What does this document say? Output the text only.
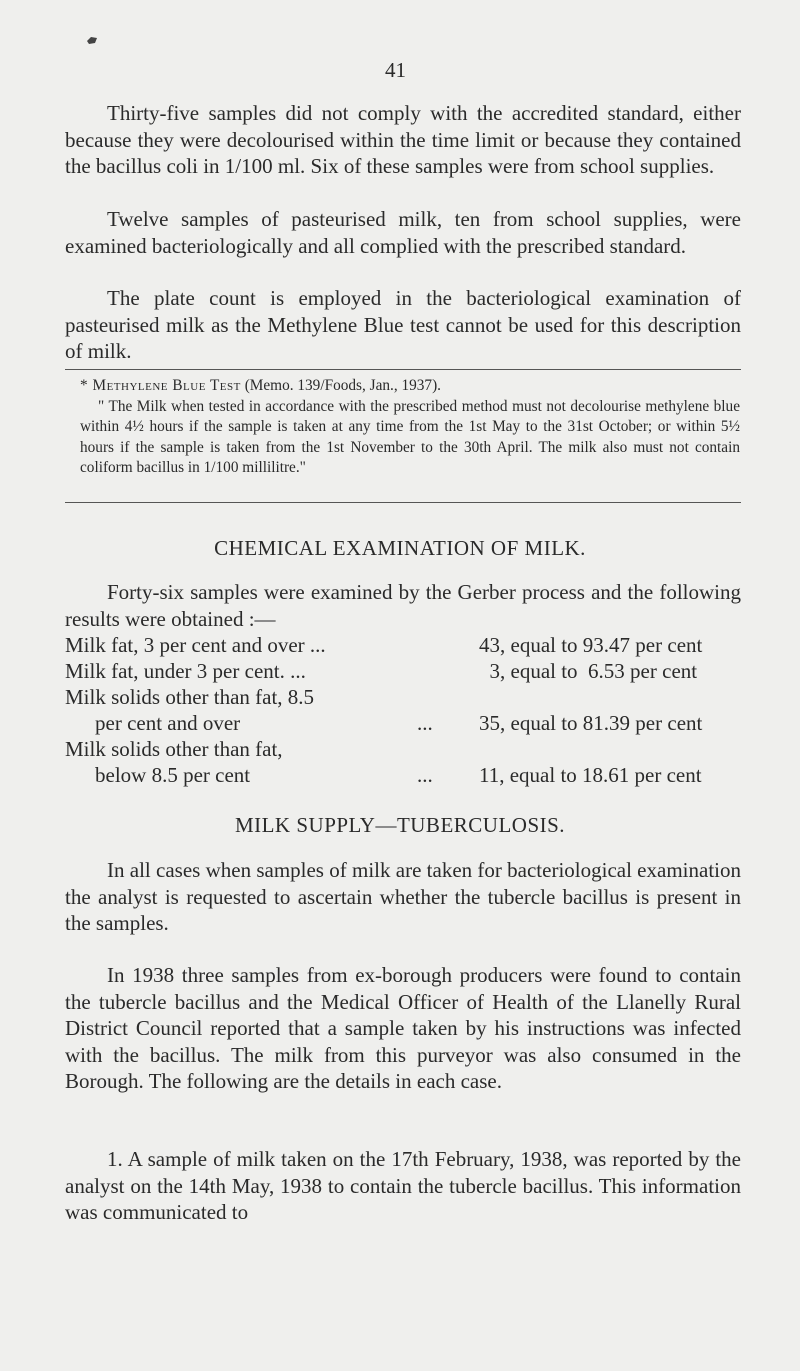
41

Thirty-five samples did not comply with the accredited standard, either because they were decolourised within the time limit or because they contained the bacillus coli in 1/100 ml. Six of these samples were from school supplies.

Twelve samples of pasteurised milk, ten from school supplies, were examined bacteriologically and all complied with the prescribed standard.

The plate count is employed in the bacteriological examination of pasteurised milk as the Methylene Blue test cannot be used for this description of milk.

* Methylene Blue Test (Memo. 139/Foods, Jan., 1937).

" The Milk when tested in accordance with the prescribed method must not decolourise methylene blue within 4½ hours if the sample is taken at any time from the 1st May to the 31st October; or within 5½ hours if the sample is taken from the 1st November to the 30th April. The milk also must not contain coliform bacillus in 1/100 millilitre."

CHEMICAL EXAMINATION OF MILK.

Forty-six samples were examined by the Gerber process and the following results were obtained :—

Milk fat, 3 per cent and over ...	43, equal to 93.47 per cent
Milk fat, under 3 per cent. ...	3, equal to  6.53 per cent
Milk solids other than fat, 8.5
per cent and over	... 35, equal to 81.39 per cent
Milk solids other than fat,
below 8.5 per cent	... 11, equal to 18.61 per cent
MILK SUPPLY—TUBERCULOSIS.

In all cases when samples of milk are taken for bacteriological examination the analyst is requested to ascertain whether the tubercle bacillus is present in the samples.

In 1938 three samples from ex-borough producers were found to contain the tubercle bacillus and the Medical Officer of Health of the Llanelly Rural District Council reported that a sample taken by his instructions was infected with the bacillus. The milk from this purveyor was also consumed in the Borough. The following are the details in each case.

1. A sample of milk taken on the 17th February, 1938, was reported by the analyst on the 14th May, 1938 to contain the tubercle bacillus. This information was communicated to
